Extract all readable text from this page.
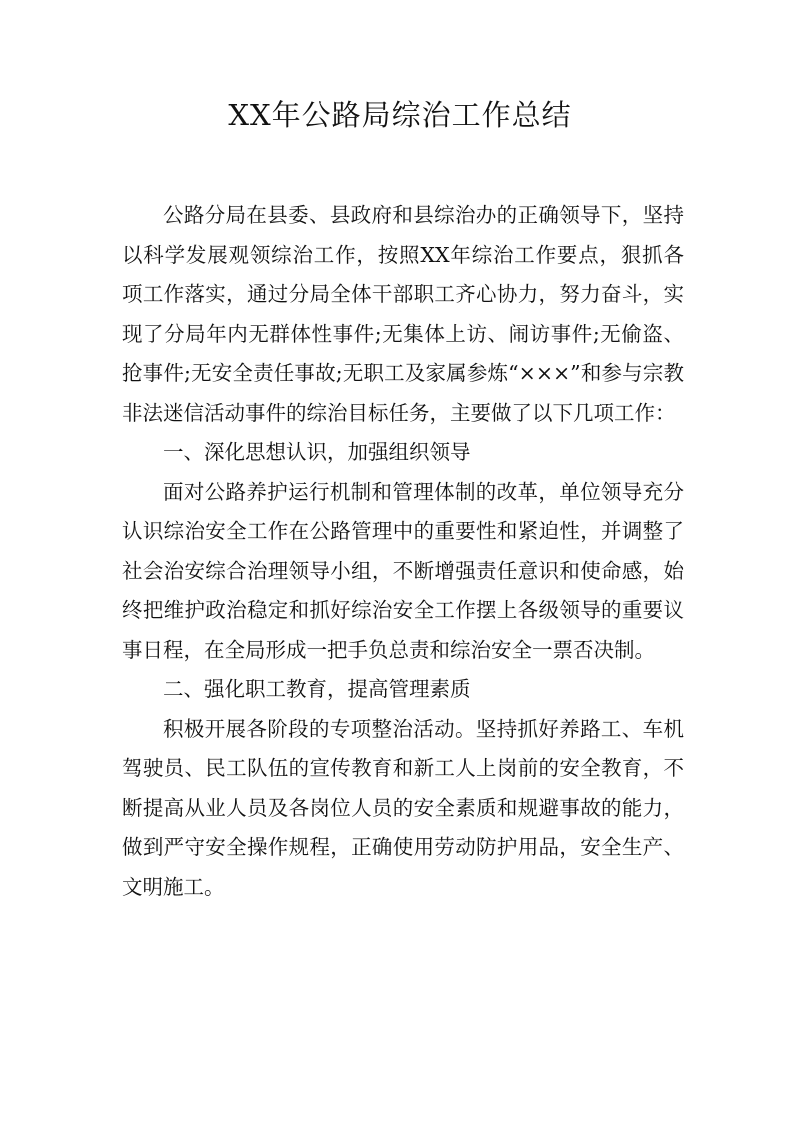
XX年公路局综治工作总结

公路分局在县委、县政府和县综治办的正确领导下，坚持以科学发展观领综治工作，按照XX年综治工作要点，狠抓各项工作落实，通过分局全体干部职工齐心协力，努力奋斗，实现了分局年内无群体性事件;无集体上访、闹访事件;无偷盗、抢事件;无安全责任事故;无职工及家属参炼“×××”和参与宗教非法迷信活动事件的综治目标任务，主要做了以下几项工作：

一、深化思想认识，加强组织领导

面对公路养护运行机制和管理体制的改革，单位领导充分认识综治安全工作在公路管理中的重要性和紧迫性，并调整了社会治安综合治理领导小组，不断增强责任意识和使命感，始终把维护政治稳定和抓好综治安全工作摆上各级领导的重要议事日程，在全局形成一把手负总责和综治安全一票否决制。

二、强化职工教育，提高管理素质

积极开展各阶段的专项整治活动。坚持抓好养路工、车机驾驶员、民工队伍的宣传教育和新工人上岗前的安全教育，不断提高从业人员及各岗位人员的安全素质和规避事故的能力，做到严守安全操作规程，正确使用劳动防护用品，安全生产、文明施工。
